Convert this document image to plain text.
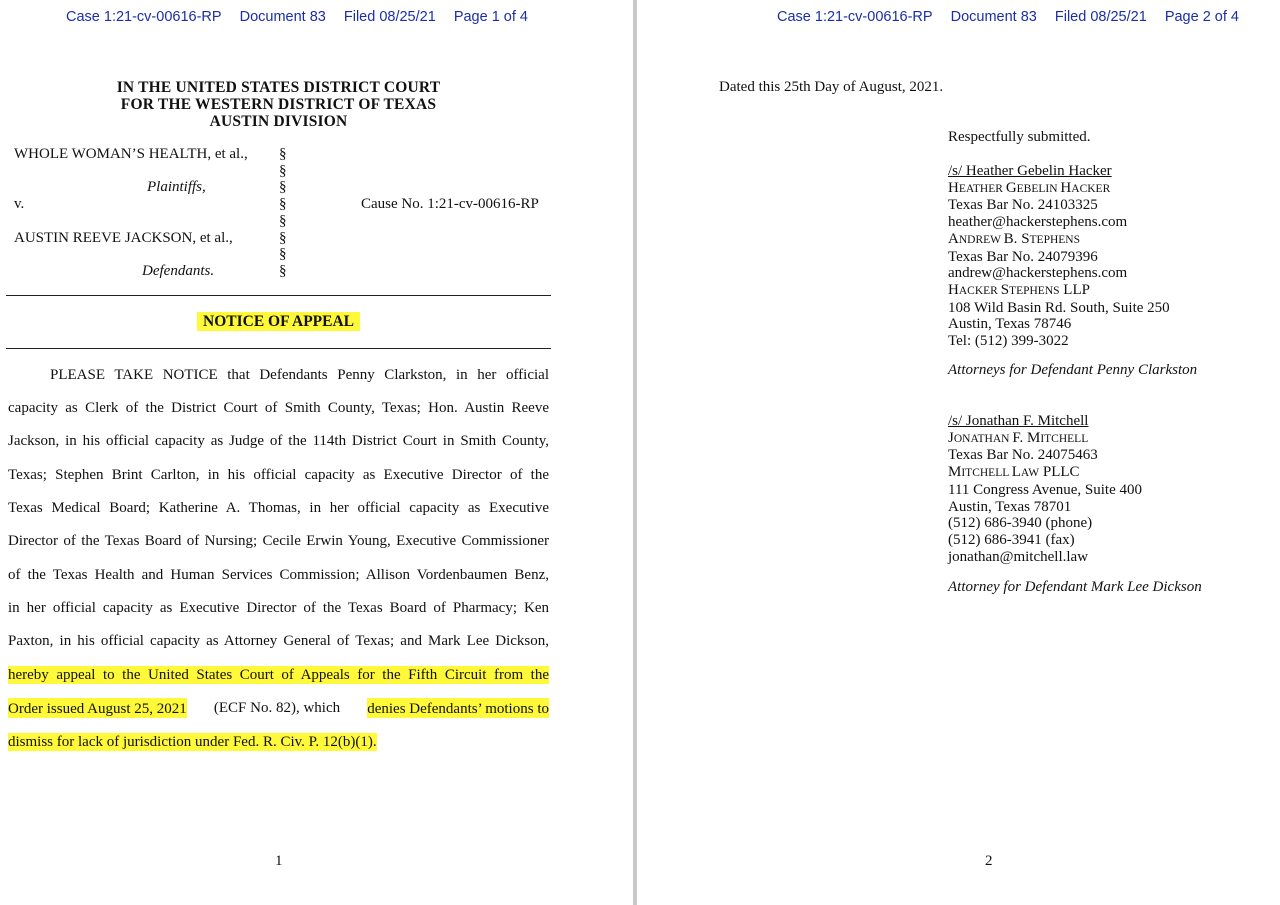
Case 1:21-cv-00616-RP Document 83 Filed 08/25/21 Page 1 of 4
IN THE UNITED STATES DISTRICT COURT
FOR THE WESTERN DISTRICT OF TEXAS
AUSTIN DIVISION
WHOLE WOMAN’S HEALTH, et al., §
§
Plaintiffs,	§
v.	§	Cause No. 1:21-cv-00616-RP
§
AUSTIN REEVE JACKSON, et al.,	§
§
Defendants.	§
NOTICE OF APPEAL
PLEASE TAKE NOTICE that Defendants Penny Clarkston, in her official
capacity as Clerk of the District Court of Smith County, Texas; Hon. Austin Reeve
Jackson, in his official capacity as Judge of the 114th District Court in Smith County,
Texas; Stephen Brint Carlton, in his official capacity as Executive Director of the
Texas Medical Board; Katherine A. Thomas, in her official capacity as Executive
Director of the Texas Board of Nursing; Cecile Erwin Young, Executive Commissioner
of the Texas Health and Human Services Commission; Allison Vordenbaumen Benz,
in her official capacity as Executive Director of the Texas Board of Pharmacy; Ken
Paxton, in his official capacity as Attorney General of Texas; and Mark Lee Dickson,
hereby appeal to the United States Court of Appeals for the Fifth Circuit from the
Order issued August 25, 2021 (ECF No. 82), which denies Defendants’ motions to
dismiss for lack of jurisdiction under Fed. R. Civ. P. 12(b)(1).
1
Case 1:21-cv-00616-RP Document 83 Filed 08/25/21 Page 2 of 4
Dated this 25th Day of August, 2021.
Respectfully submitted.
/s/ Heather Gebelin Hacker
HEATHER GEBELIN HACKER
Texas Bar No. 24103325
heather@hackerstephens.com
ANDREW B. STEPHENS
Texas Bar No. 24079396
andrew@hackerstephens.com
HACKER STEPHENS LLP
108 Wild Basin Rd. South, Suite 250
Austin, Texas 78746
Tel: (512) 399-3022
Attorneys for Defendant Penny Clarkston
/s/ Jonathan F. Mitchell
JONATHAN F. MITCHELL
Texas Bar No. 24075463
MITCHELL LAW PLLC
111 Congress Avenue, Suite 400
Austin, Texas 78701
(512) 686-3940 (phone)
(512) 686-3941 (fax)
jonathan@mitchell.law
Attorney for Defendant Mark Lee Dickson
2
